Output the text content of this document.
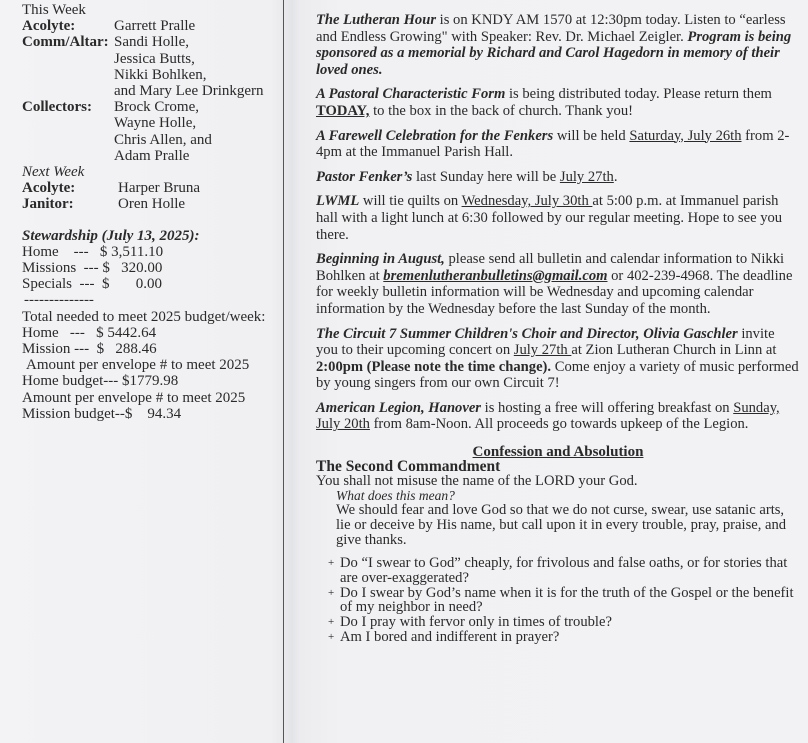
This Week
Acolyte:	Garrett Pralle
Comm/Altar: Sandi Holle,
Jessica Butts,
Nikki Bohlken,
and Mary Lee Drinkgern
Collectors:	Brock Crome,
Wayne Holle,
Chris Allen, and
Adam Pralle
Next Week
Acolyte:	Harper Bruna
Janitor:	Oren Holle
Stewardship (July 13, 2025):
Home    ---   $ 3,511.10
Missions  --- $   320.00
Specials  ---  $       0.00
--------------
Total needed to meet 2025 budget/week:
Home   ---   $ 5442.64
Mission ---  $   288.46
Amount per envelope # to meet 2025
Home budget--- $1779.98
Amount per envelope # to meet 2025
Mission budget--$    94.34

The Lutheran Hour is on KNDY AM 1570 at 12:30pm today. Listen to “earless and Endless Growing" with Speaker: Rev. Dr. Michael Zeigler. Program is being sponsored as a memorial by Richard and Carol Hagedorn in memory of their loved ones.

A Pastoral Characteristic Form is being distributed today. Please return them TODAY, to the box in the back of church. Thank you!

A Farewell Celebration for the Fenkers will be held Saturday, July 26th from 2-4pm at the Immanuel Parish Hall.

Pastor Fenker’s last Sunday here will be July 27th.

LWML will tie quilts on Wednesday, July 30th at 5:00 p.m. at Immanuel parish hall with a light lunch at 6:30 followed by our regular meeting. Hope to see you there.

Beginning in August, please send all bulletin and calendar information to Nikki Bohlken at bremenlutheranbulletins@gmail.com or 402-239-4968. The deadline for weekly bulletin information will be Wednesday and upcoming calendar information by the Wednesday before the last Sunday of the month.

The Circuit 7 Summer Children's Choir and Director, Olivia Gaschler invite you to their upcoming concert on July 27th at Zion Lutheran Church in Linn at 2:00pm (Please note the time change). Come enjoy a variety of music performed by young singers from our own Circuit 7!

American Legion, Hanover is hosting a free will offering breakfast on Sunday, July 20th from 8am-Noon. All proceeds go towards upkeep of the Legion.

Confession and Absolution
The Second Commandment
You shall not misuse the name of the LORD your God.
What does this mean?
We should fear and love God so that we do not curse, swear, use satanic arts, lie or deceive by His name, but call upon it in every trouble, pray, praise, and give thanks.
+ Do “I swear to God” cheaply, for frivolous and false oaths, or for stories that are over-exaggerated?
+ Do I swear by God’s name when it is for the truth of the Gospel or the benefit of my neighbor in need?
+ Do I pray with fervor only in times of trouble?
+ Am I bored and indifferent in prayer?
